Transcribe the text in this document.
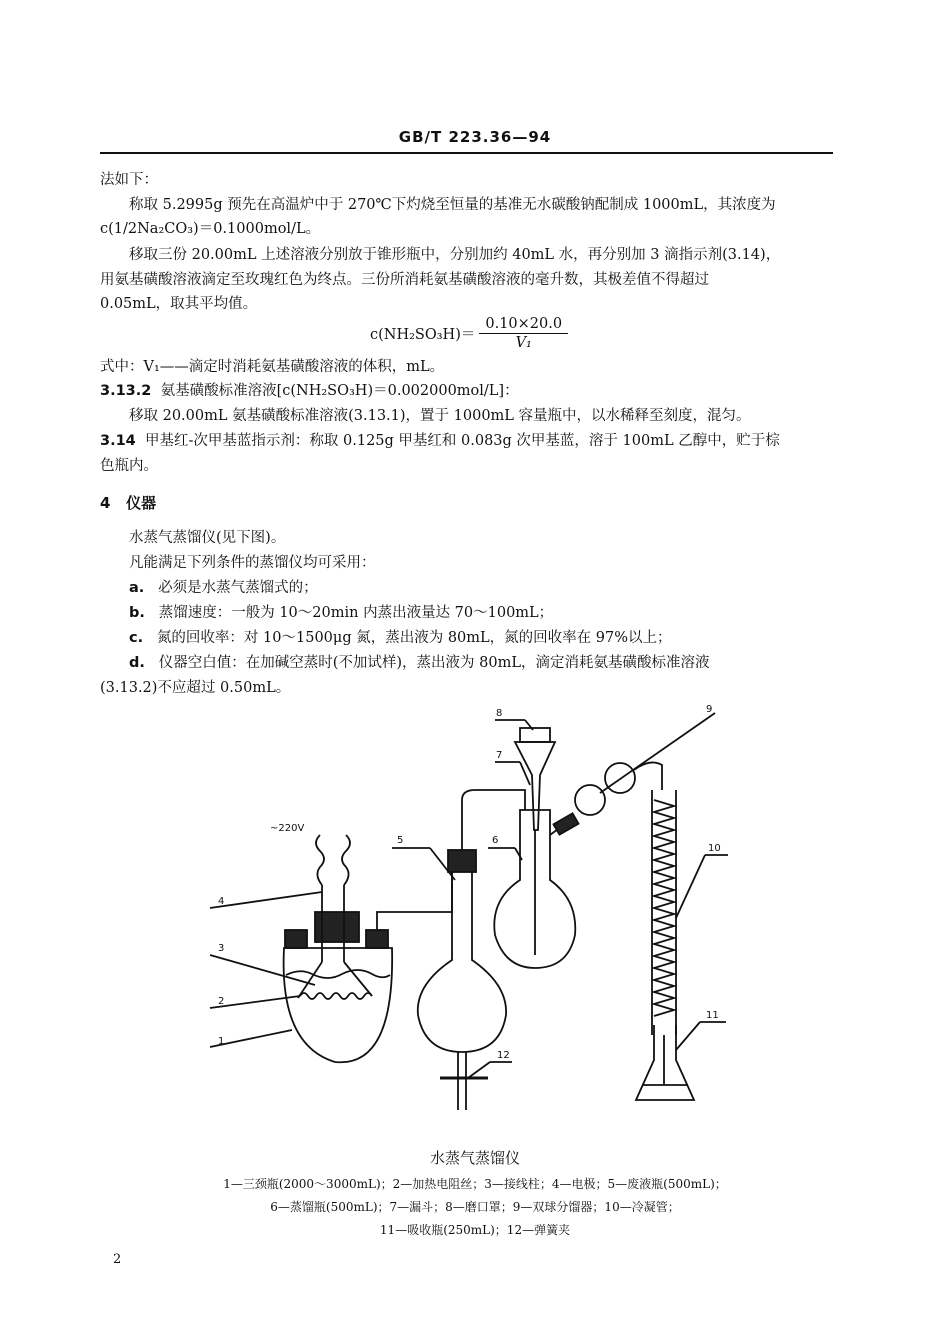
GB/T 223.36—94
法如下：
称取 5.2995g 预先在高温炉中于 270℃下灼烧至恒量的基准无水碳酸钠配制成 1000mL，其浓度为
c(1/2Na₂CO₃)＝0.1000mol/L。
移取三份 20.00mL 上述溶液分别放于锥形瓶中，分别加约 40mL 水，再分别加 3 滴指示剂(3.14)，
用氨基磺酸溶液滴定至玫瑰红色为终点。三份所消耗氨基磺酸溶液的毫升数，其极差值不得超过
0.05mL，取其平均值。
$c(NH_2SO_3H)= \frac{0.10\times 20.0}{\text{V₁}}$
式中：V₁——滴定时消耗氨基磺酸溶液的体积，mL。
3.13.2 氨基磺酸标准溶液[c(NH₂SO₃H)＝0.002000mol/L]：
移取 20.00mL 氨基磺酸标准溶液(3.13.1)，置于 1000mL 容量瓶中，以水稀释至刻度，混匀。
3.14 甲基红-次甲基蓝指示剂：称取 0.125g 甲基红和 0.083g 次甲基蓝，溶于 100mL 乙醇中，贮于棕
色瓶内。
4 仪器
水蒸气蒸馏仪(见下图)。
凡能满足下列条件的蒸馏仪均可采用：
a. 必须是水蒸气蒸馏式的；
b. 蒸馏速度：一般为 10～20min 内蒸出液量达 70～100mL；
c. 氮的回收率：对 10～1500μg 氮，蒸出液为 80mL，氮的回收率在 97%以上；
d. 仪器空白值：在加碱空蒸时(不加试样)，蒸出液为 80mL，滴定消耗氨基磺酸标准溶液
(3.13.2)不应超过 0.50mL。
~220V
1
2
3
4
5	6
7
8	9
10
11
12
水蒸气蒸馏仪
1—三颈瓶(2000～3000mL)；2—加热电阻丝；3—接线柱；4—电极；5—废液瓶(500mL)；
6—蒸馏瓶(500mL)；7—漏斗；8—磨口罩；9—双球分馏器；10—冷凝管；
11—吸收瓶(250mL)；12—弹簧夹
2
